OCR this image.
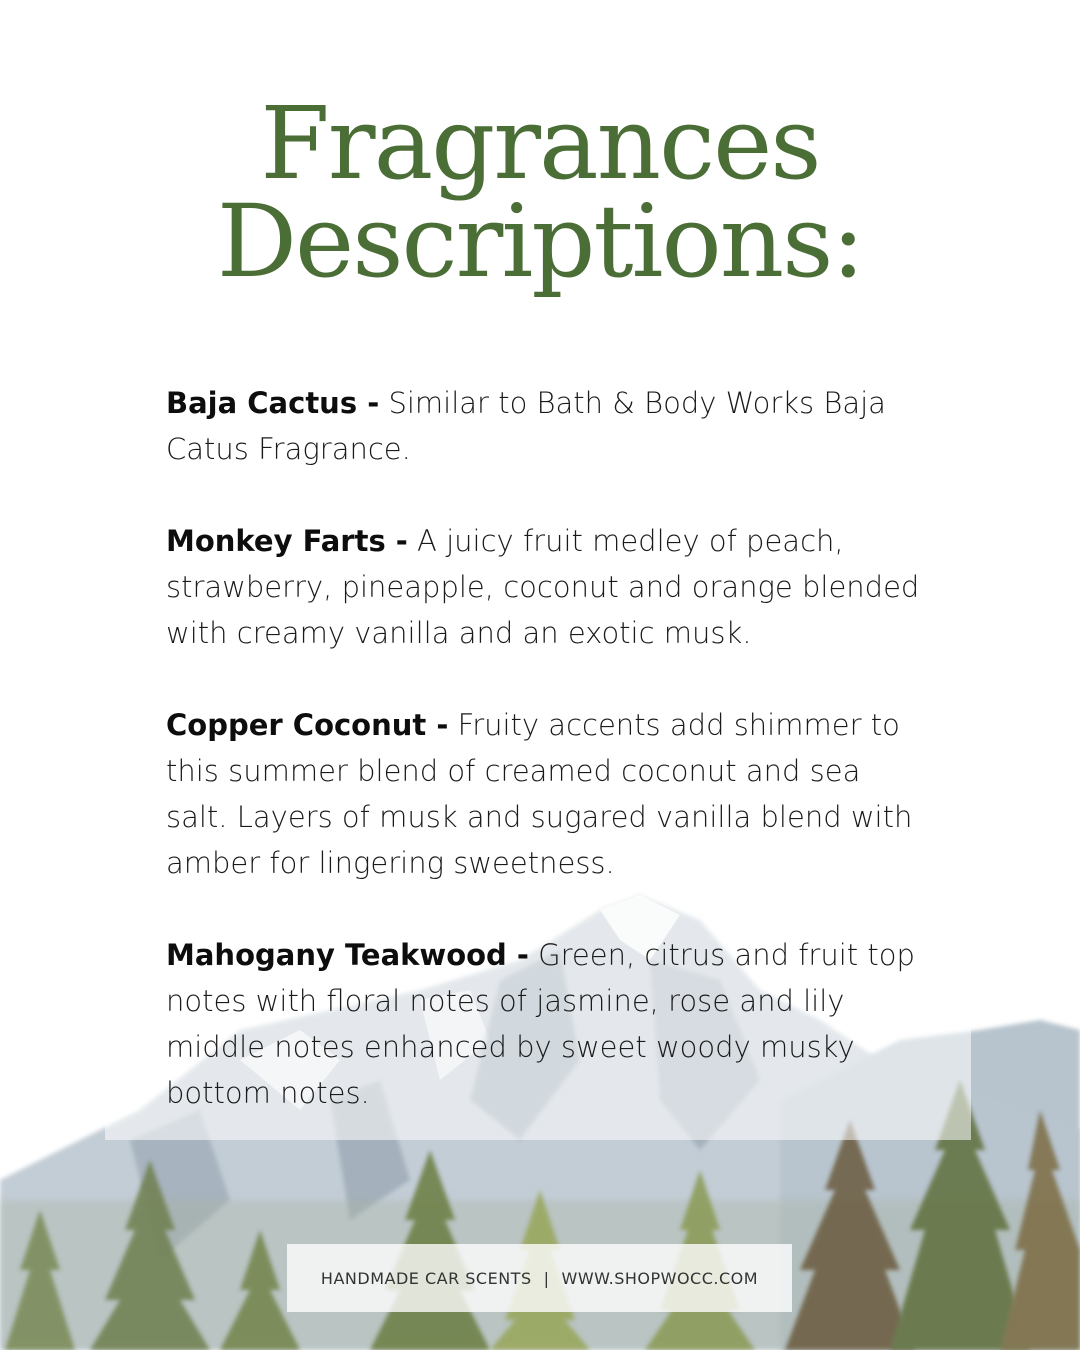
Fragrances
Descriptions:

Baja Cactus - Similar to Bath & Body Works Baja Catus Fragrance.

Monkey Farts - A juicy fruit medley of peach, strawberry, pineapple, coconut and orange blended with creamy vanilla and an exotic musk.

Copper Coconut - Fruity accents add shimmer to this summer blend of creamed coconut and sea salt. Layers of musk and sugared vanilla blend with amber for lingering sweetness.

Mahogany Teakwood - Green, citrus and fruit top notes with floral notes of jasmine, rose and lily middle notes enhanced by sweet woody musky bottom notes.

HANDMADE CAR SCENTS | WWW.SHOPWOCC.COM
